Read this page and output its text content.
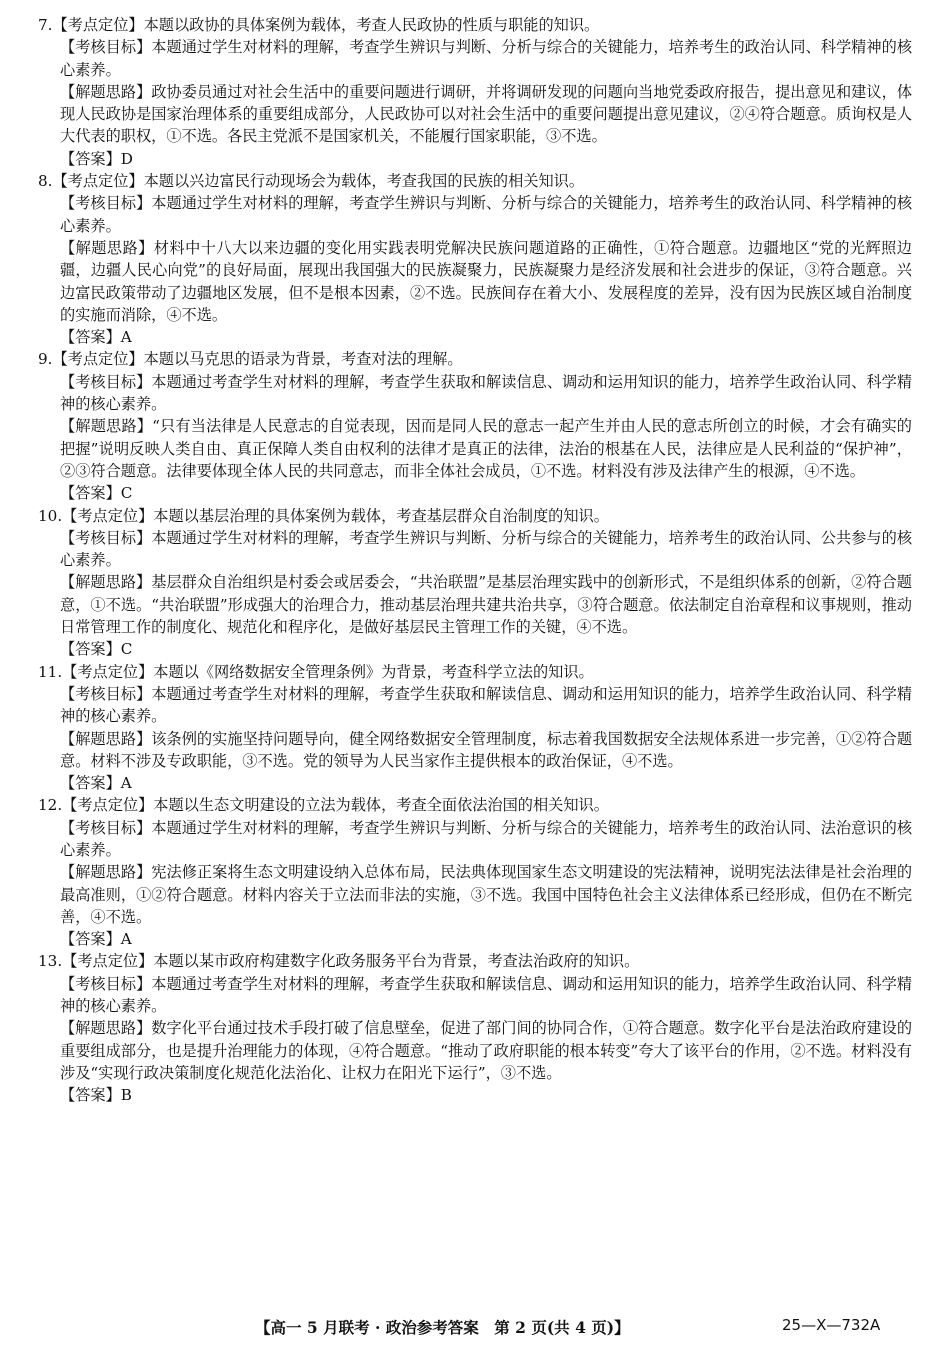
7.【考点定位】本题以政协的具体案例为载体，考查人民政协的性质与职能的知识。

【考核目标】本题通过学生对材料的理解，考查学生辨识与判断、分析与综合的关键能力，培养考生的政治认同、科学精神的核心素养。

【解题思路】政协委员通过对社会生活中的重要问题进行调研，并将调研发现的问题向当地党委政府报告，提出意见和建议，体现人民政协是国家治理体系的重要组成部分，人民政协可以对社会生活中的重要问题提出意见建议，②④符合题意。质询权是人大代表的职权，①不选。各民主党派不是国家机关，不能履行国家职能，③不选。

【答案】D

8.【考点定位】本题以兴边富民行动现场会为载体，考查我国的民族的相关知识。

【考核目标】本题通过学生对材料的理解，考查学生辨识与判断、分析与综合的关键能力，培养考生的政治认同、科学精神的核心素养。

【解题思路】材料中十八大以来边疆的变化用实践表明党解决民族问题道路的正确性，①符合题意。边疆地区“党的光辉照边疆，边疆人民心向党”的良好局面，展现出我国强大的民族凝聚力，民族凝聚力是经济发展和社会进步的保证，③符合题意。兴边富民政策带动了边疆地区发展，但不是根本因素，②不选。民族间存在着大小、发展程度的差异，没有因为民族区域自治制度的实施而消除，④不选。

【答案】A

9.【考点定位】本题以马克思的语录为背景，考查对法的理解。

【考核目标】本题通过考查学生对材料的理解，考查学生获取和解读信息、调动和运用知识的能力，培养学生政治认同、科学精神的核心素养。

【解题思路】“只有当法律是人民意志的自觉表现，因而是同人民的意志一起产生并由人民的意志所创立的时候，才会有确实的把握”说明反映人类自由、真正保障人类自由权利的法律才是真正的法律，法治的根基在人民，法律应是人民利益的“保护神”，②③符合题意。法律要体现全体人民的共同意志，而非全体社会成员，①不选。材料没有涉及法律产生的根源，④不选。

【答案】C

10.【考点定位】本题以基层治理的具体案例为载体，考查基层群众自治制度的知识。

【考核目标】本题通过学生对材料的理解，考查学生辨识与判断、分析与综合的关键能力，培养考生的政治认同、公共参与的核心素养。

【解题思路】基层群众自治组织是村委会或居委会，“共治联盟”是基层治理实践中的创新形式，不是组织体系的创新，②符合题意，①不选。“共治联盟”形成强大的治理合力，推动基层治理共建共治共享，③符合题意。依法制定自治章程和议事规则，推动日常管理工作的制度化、规范化和程序化，是做好基层民主管理工作的关键，④不选。

【答案】C

11.【考点定位】本题以《网络数据安全管理条例》为背景，考查科学立法的知识。

【考核目标】本题通过考查学生对材料的理解，考查学生获取和解读信息、调动和运用知识的能力，培养学生政治认同、科学精神的核心素养。

【解题思路】该条例的实施坚持问题导向，健全网络数据安全管理制度，标志着我国数据安全法规体系进一步完善，①②符合题意。材料不涉及专政职能，③不选。党的领导为人民当家作主提供根本的政治保证，④不选。

【答案】A

12.【考点定位】本题以生态文明建设的立法为载体，考查全面依法治国的相关知识。

【考核目标】本题通过学生对材料的理解，考查学生辨识与判断、分析与综合的关键能力，培养考生的政治认同、法治意识的核心素养。

【解题思路】宪法修正案将生态文明建设纳入总体布局，民法典体现国家生态文明建设的宪法精神，说明宪法法律是社会治理的最高准则，①②符合题意。材料内容关于立法而非法的实施，③不选。我国中国特色社会主义法律体系已经形成，但仍在不断完善，④不选。

【答案】A

13.【考点定位】本题以某市政府构建数字化政务服务平台为背景，考查法治政府的知识。

【考核目标】本题通过考查学生对材料的理解，考查学生获取和解读信息、调动和运用知识的能力，培养学生政治认同、科学精神的核心素养。

【解题思路】数字化平台通过技术手段打破了信息壁垒，促进了部门间的协同合作，①符合题意。数字化平台是法治政府建设的重要组成部分，也是提升治理能力的体现，④符合题意。“推动了政府职能的根本转变”夸大了该平台的作用，②不选。材料没有涉及“实现行政决策制度化规范化法治化、让权力在阳光下运行”，③不选。

【答案】B

【高一 5 月联考 · 政治参考答案　第 2 页(共 4 页)】	25—X—732A
